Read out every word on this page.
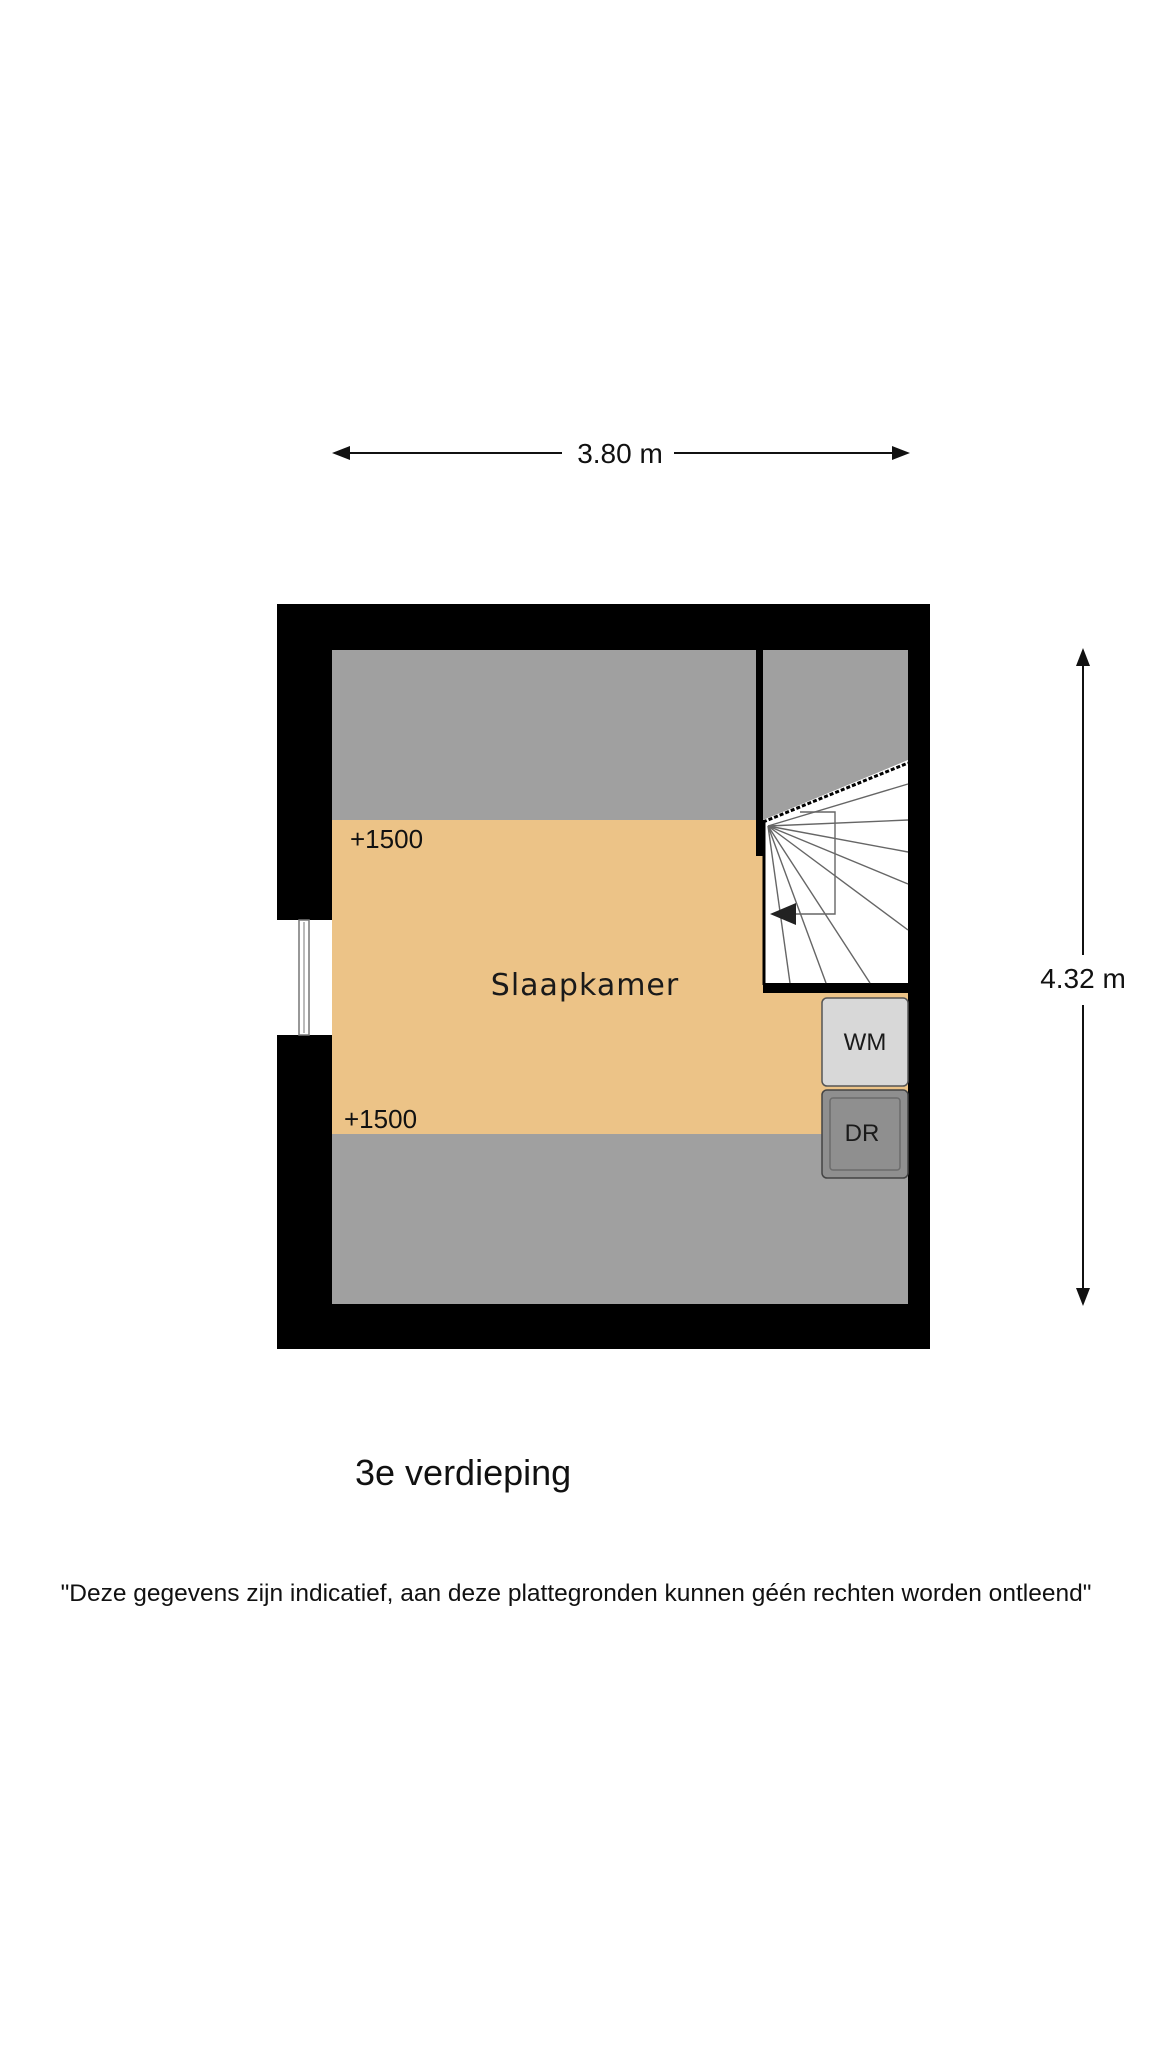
3.80 m
4.32 m
WM
DR
Slaapkamer
+1500
+1500
3e verdieping
"Deze gegevens zijn indicatief, aan deze plattegronden kunnen géén rechten worden ontleend"
